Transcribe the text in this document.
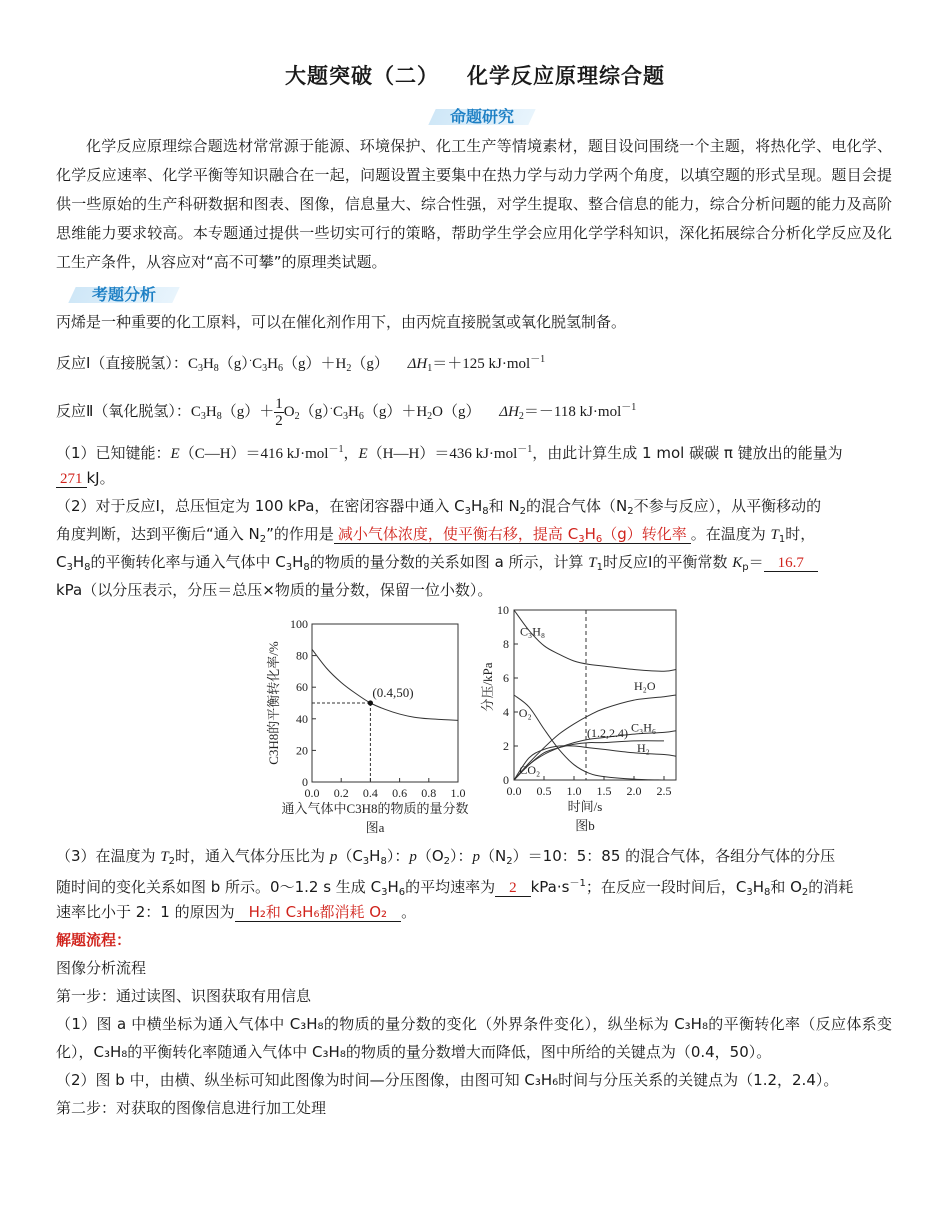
大题突破（二） 化学反应原理综合题
命题研究
化学反应原理综合题选材常常源于能源、环境保护、化工生产等情境素材，题目设问围绕一个主题，将热化学、电化学、化学反应速率、化学平衡等知识融合在一起，问题设置主要集中在热力学与动力学两个角度，以填空题的形式呈现。题目会提供一些原始的生产科研数据和图表、图像，信息量大、综合性强，对学生提取、整合信息的能力，综合分析问题的能力及高阶思维能力要求较高。本专题通过提供一些切实可行的策略，帮助学生学会应用化学学科知识，深化拓展综合分析化学反应及化工生产条件，从容应对“高不可攀”的原理类试题。
考题分析
丙烯是一种重要的化工原料，可以在催化剂作用下，由丙烷直接脱氢或氧化脱氢制备。
反应Ⅰ（直接脱氢）：$C_3H_8(g)^\cdot C_3H_6(g)+H_2(g)$     $\Delta H_1=+125$ kJ·mol$^{-1}$
反应Ⅱ（氧化脱氢）：$C_3H_8(g)+ \frac{1}{2} O_2(g)^\cdot C_3H_6(g)+H_2O(g)$     $\Delta H_2=-118$ kJ·mol$^{-1}$
（1）已知键能：E（C—H）＝416 kJ·mol$^{-1}$，E（H—H）＝436 kJ·mol$^{-1}$，由此计算生成 1 mol 碳碳 π 键放出的能量为
271 kJ。
（2）对于反应Ⅰ，总压恒定为 100 kPa，在密闭容器中通入 $C_3H_8$和 $N_2$的混合气体（$N_2$不参与反应），从平衡移动的
角度判断，达到平衡后“通入 $N_2$”的作用是 减小气体浓度，使平衡右移，提高 $C_3H_6(g)$转化率 。在温度为 $T_1$时，
$C_3H_8$的平衡转化率与通入气体中 $C_3H_8$的物质的量分数的关系如图 a 所示，计算 $T_1$时反应Ⅰ的平衡常数 $K_p= 16.7$
kPa（以分压表示，分压＝总压×物质的量分数，保留一位小数）。
0
20
40
60
80
100
0.0 0.2 0.4 0.6 0.8 1.0
(0.4,50)
C3H8的平衡转化率/%
通入气体中C3H8的物质的量分数
图a
0
2
4
6
8
10
0.0 0.5 1.0 1.5 2.0 2.5
C₃H₈
H₂O
O₂
C₃H₆
H₂
CO₂
(1.2,2.4)
分压/kPa
时间/s
图b
（3）在温度为 $T_2$时，通入气体分压比为 $p(C_3H_8)$：$p(O_2)$：$p(N_2)=10$：5：85 的混合气体，各组分气体的分压
随时间的变化关系如图 b 所示。0～1.2 s 生成 $C_3H_6$的平均速率为 2 $kPa\cdot s^{-1}$；在反应一段时间后，$C_3H_8$和 $O_2$的消耗
速率比小于 2：1 的原因为 H₂和 C₃H₆都消耗 O₂ 。
解题流程：
图像分析流程
第一步：通过读图、识图获取有用信息
（1）图 a 中横坐标为通入气体中 C₃H₈的物质的量分数的变化（外界条件变化），纵坐标为 C₃H₈的平衡转化率（反应体系变化），C₃H₈的平衡转化率随通入气体中 C₃H₈的物质的量分数增大而降低，图中所给的关键点为（0.4，50）。
（2）图 b 中，由横、纵坐标可知此图像为时间—分压图像，由图可知 C₃H₆时间与分压关系的关键点为（1.2，2.4）。
第二步：对获取的图像信息进行加工处理
